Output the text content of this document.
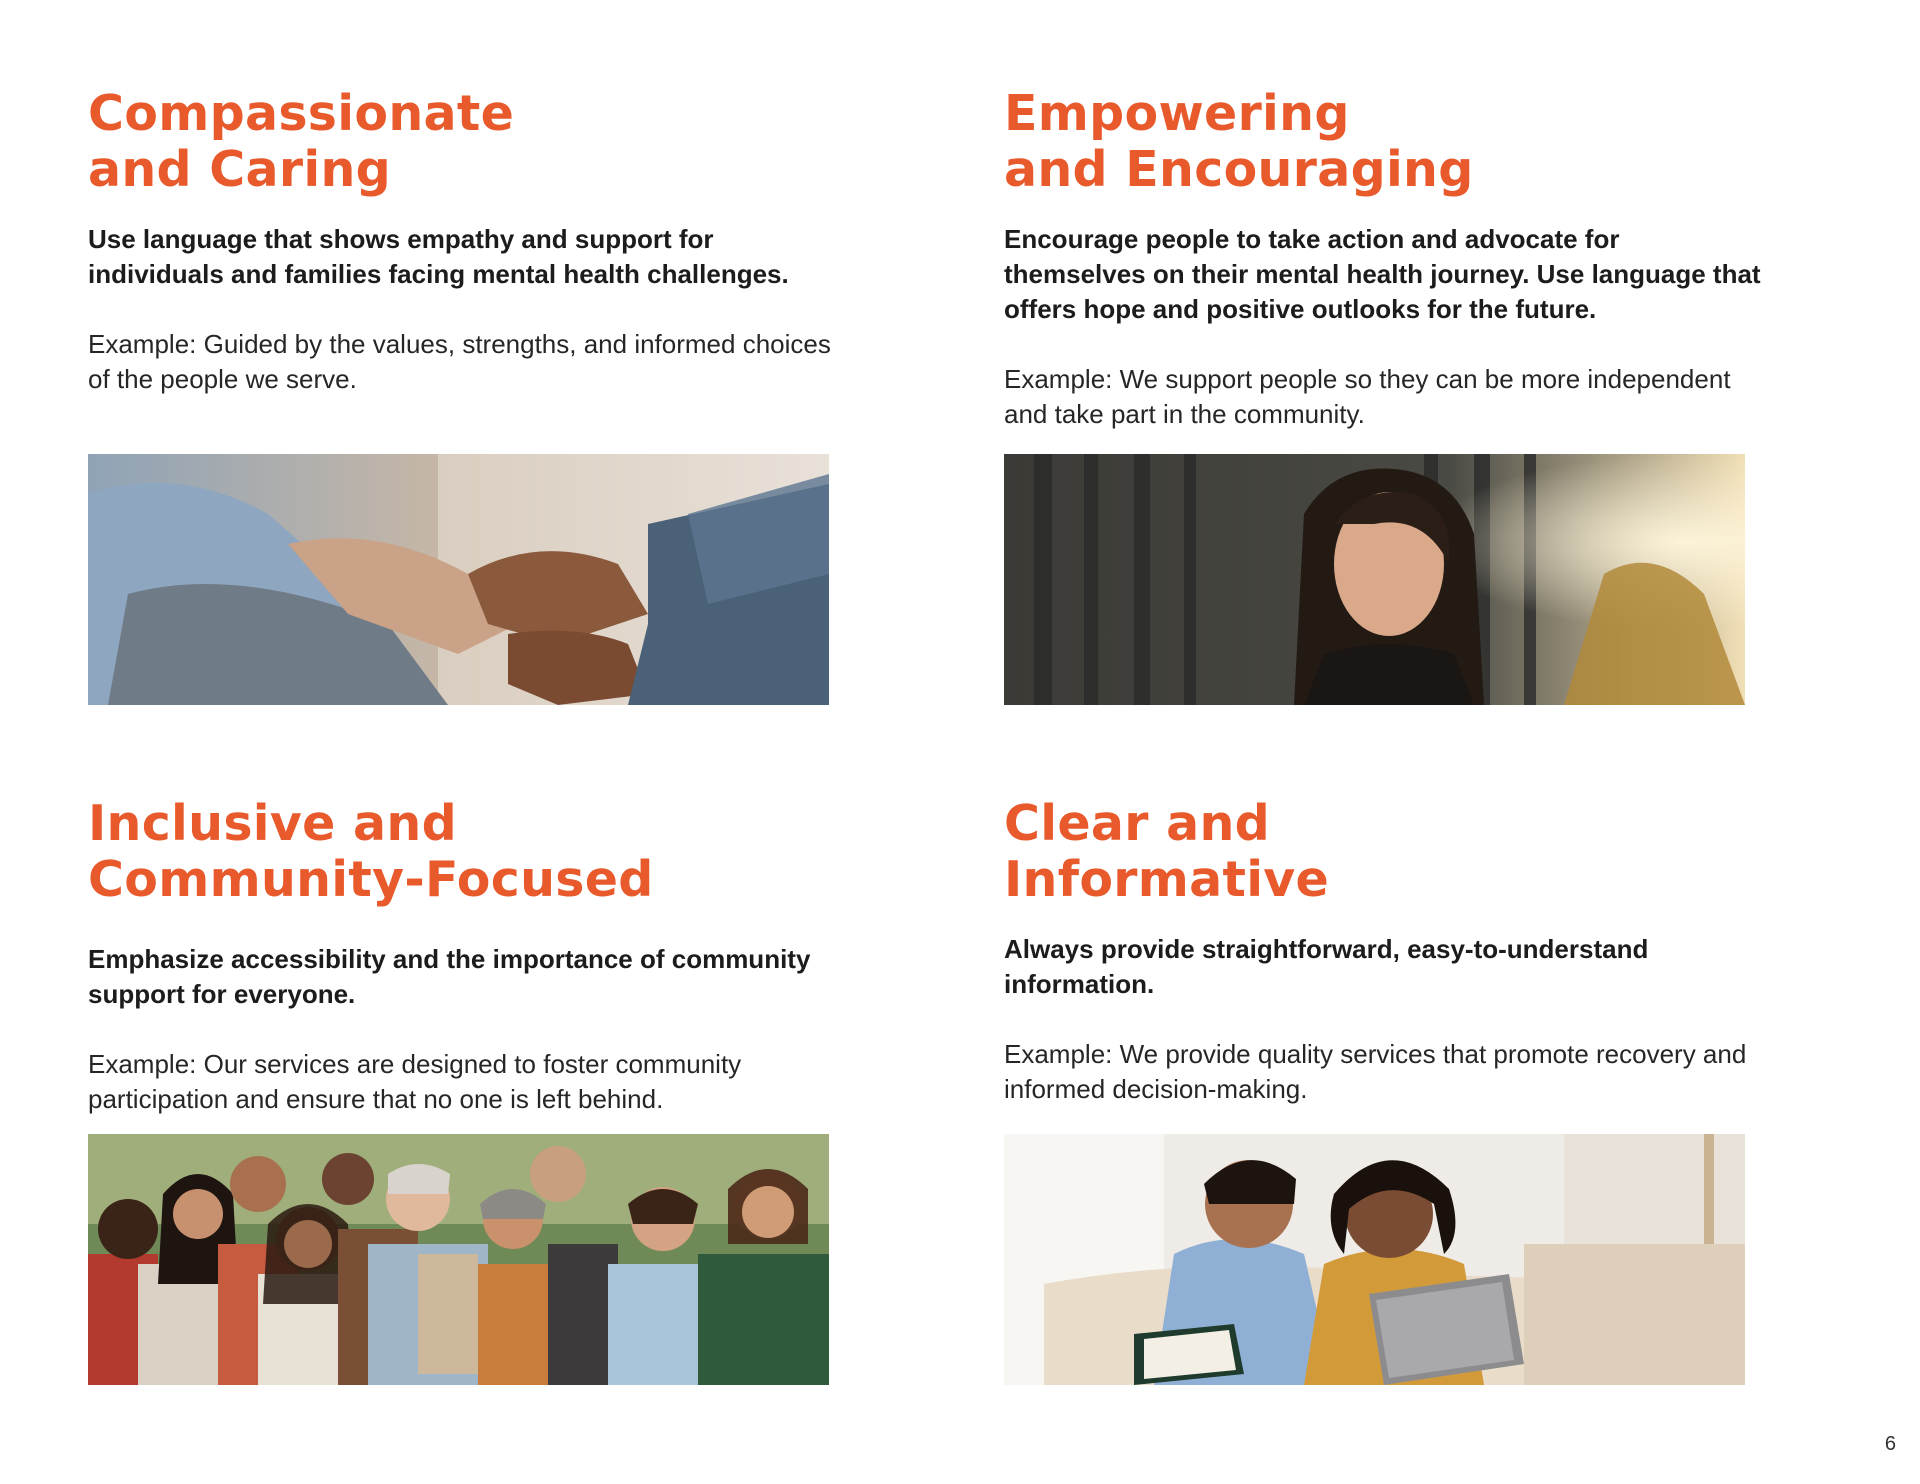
Compassionate
and Caring

Use language that shows empathy and support for individuals and families facing mental health challenges.

Example: Guided by the values, strengths, and informed choices of the people we serve.

Empowering
and Encouraging

Encourage people to take action and advocate for themselves on their mental health journey. Use language that offers hope and positive outlooks for the future.

Example: We support people so they can be more independent and take part in the community.

Inclusive and
Community-Focused

Emphasize accessibility and the importance of community support for everyone.

Example: Our services are designed to foster community participation and ensure that no one is left behind.

Clear and
Informative

Always provide straightforward, easy-to-understand information.

Example: We provide quality services that promote recovery and informed decision-making.

6
